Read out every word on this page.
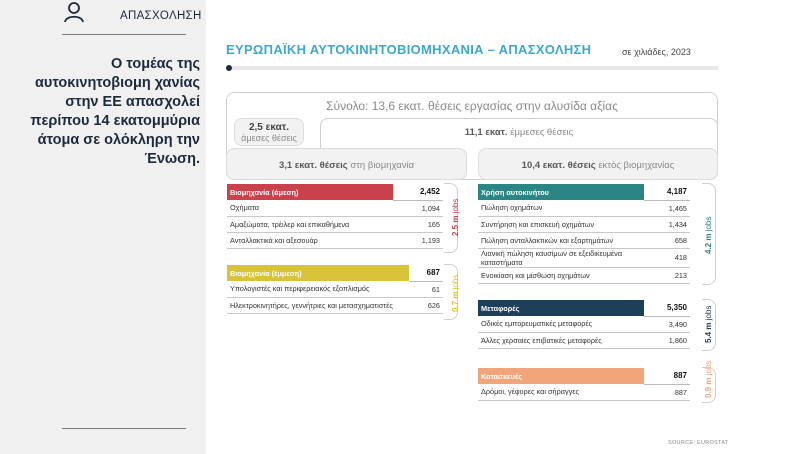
ΑΠΑΣΧΟΛΗΣΗ
Ο τομέας της αυτοκινητοβιομη χανίας στην ΕΕ απασχολεί περίπου 14 εκατομμύρια άτομα σε ολόκληρη την Ένωση.
ΕΥΡΩΠΑΪΚΗ ΑΥΤΟΚΙΝΗΤΟΒΙΟΜΗΧΑΝΙΑ – ΑΠΑΣΧΟΛΗΣΗ	σε χιλιάδες, 2023
Σύνολο: 13,6 εκατ. θέσεις εργασίας στην αλυσίδα αξίας
2,5 εκατ.
άμεσες θέσεις	11,1 εκατ. έμμεσες θέσεις
3,1 εκατ. θέσεις στη βιομηχανία	10,4 εκατ. θέσεις εκτός βιομηχανίας
Βιομηχανία (άμεση)	2,452
Οχήματα	1,094
Αμαξώματα, τρέιλερ και επικαθήμενα	165
Ανταλλακτικά και αξεσουάρ	1,193
2.5 m jobs
Βιομηχανία (έμμεση)	687
Υπολογιστές και περιφερειακός εξοπλισμός	61
Ηλεκτροκινητήρες, γεννήτριες και μετασχηματιστές	626 0.7 m jobs
Χρήση αυτοκινήτου	4,187
Πώληση οχημάτων	1,465
Συντήρηση και επισκευή οχημάτων	1,434
Πώληση ανταλλακτικών και εξαρτημάτων	658
Λιανική πώληση καυσίμων σε εξειδικευμένα καταστήματα	418
Ενοικίαση και μίσθωση οχημάτων	213
4.2 m jobs
Μεταφορές	5,350
Οδικές εμπορευματικές μεταφορές	3,490
Άλλες χερσαίες επιβατικές μεταφορές	1,860 5.4 m jobs
Κατασκευές	887
Δρόμοι, γέφυρες και σήραγγες	887 0.9 m jobs
SOURCE: EUROSTAT
